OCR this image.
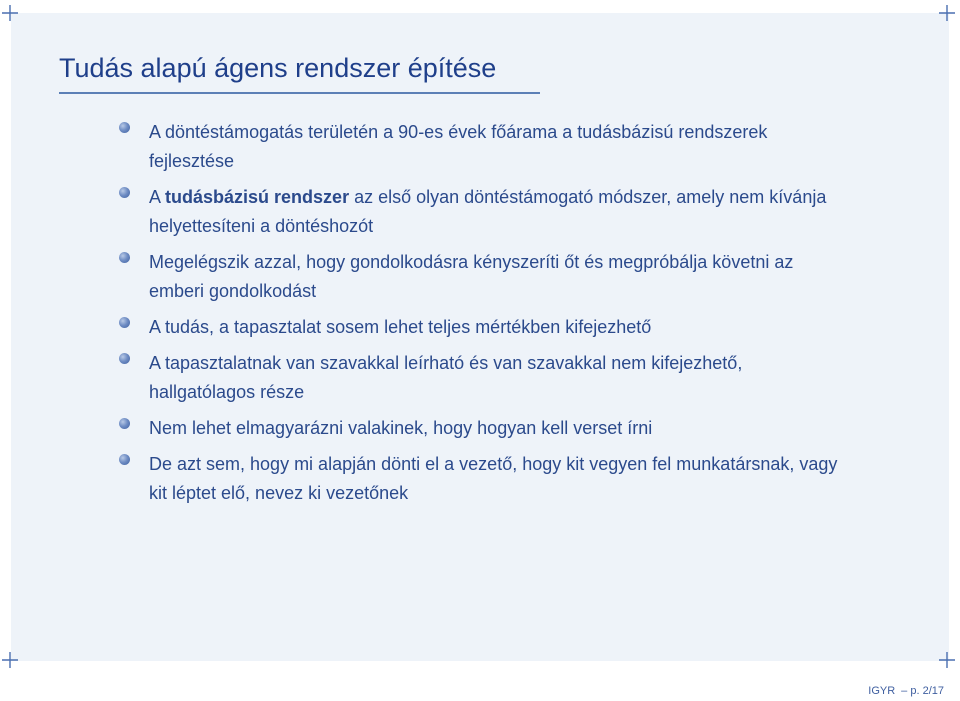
Tudás alapú ágens rendszer építése
A döntéstámogatás területén a 90-es évek főárama a tudásbázisú rendszerek fejlesztése
A tudásbázisú rendszer az első olyan döntéstámogató módszer, amely nem kívánja helyettesíteni a döntéshozót
Megelégszik azzal, hogy gondolkodásra kényszeríti őt és megpróbálja követni az emberi gondolkodást
A tudás, a tapasztalat sosem lehet teljes mértékben kifejezhető
A tapasztalatnak van szavakkal leírható és van szavakkal nem kifejezhető, hallgatólagos része
Nem lehet elmagyarázni valakinek, hogy hogyan kell verset írni
De azt sem, hogy mi alapján dönti el a vezető, hogy kit vegyen fel munkatársnak, vagy kit léptet elő, nevez ki vezetőnek
IGYR – p. 2/17
